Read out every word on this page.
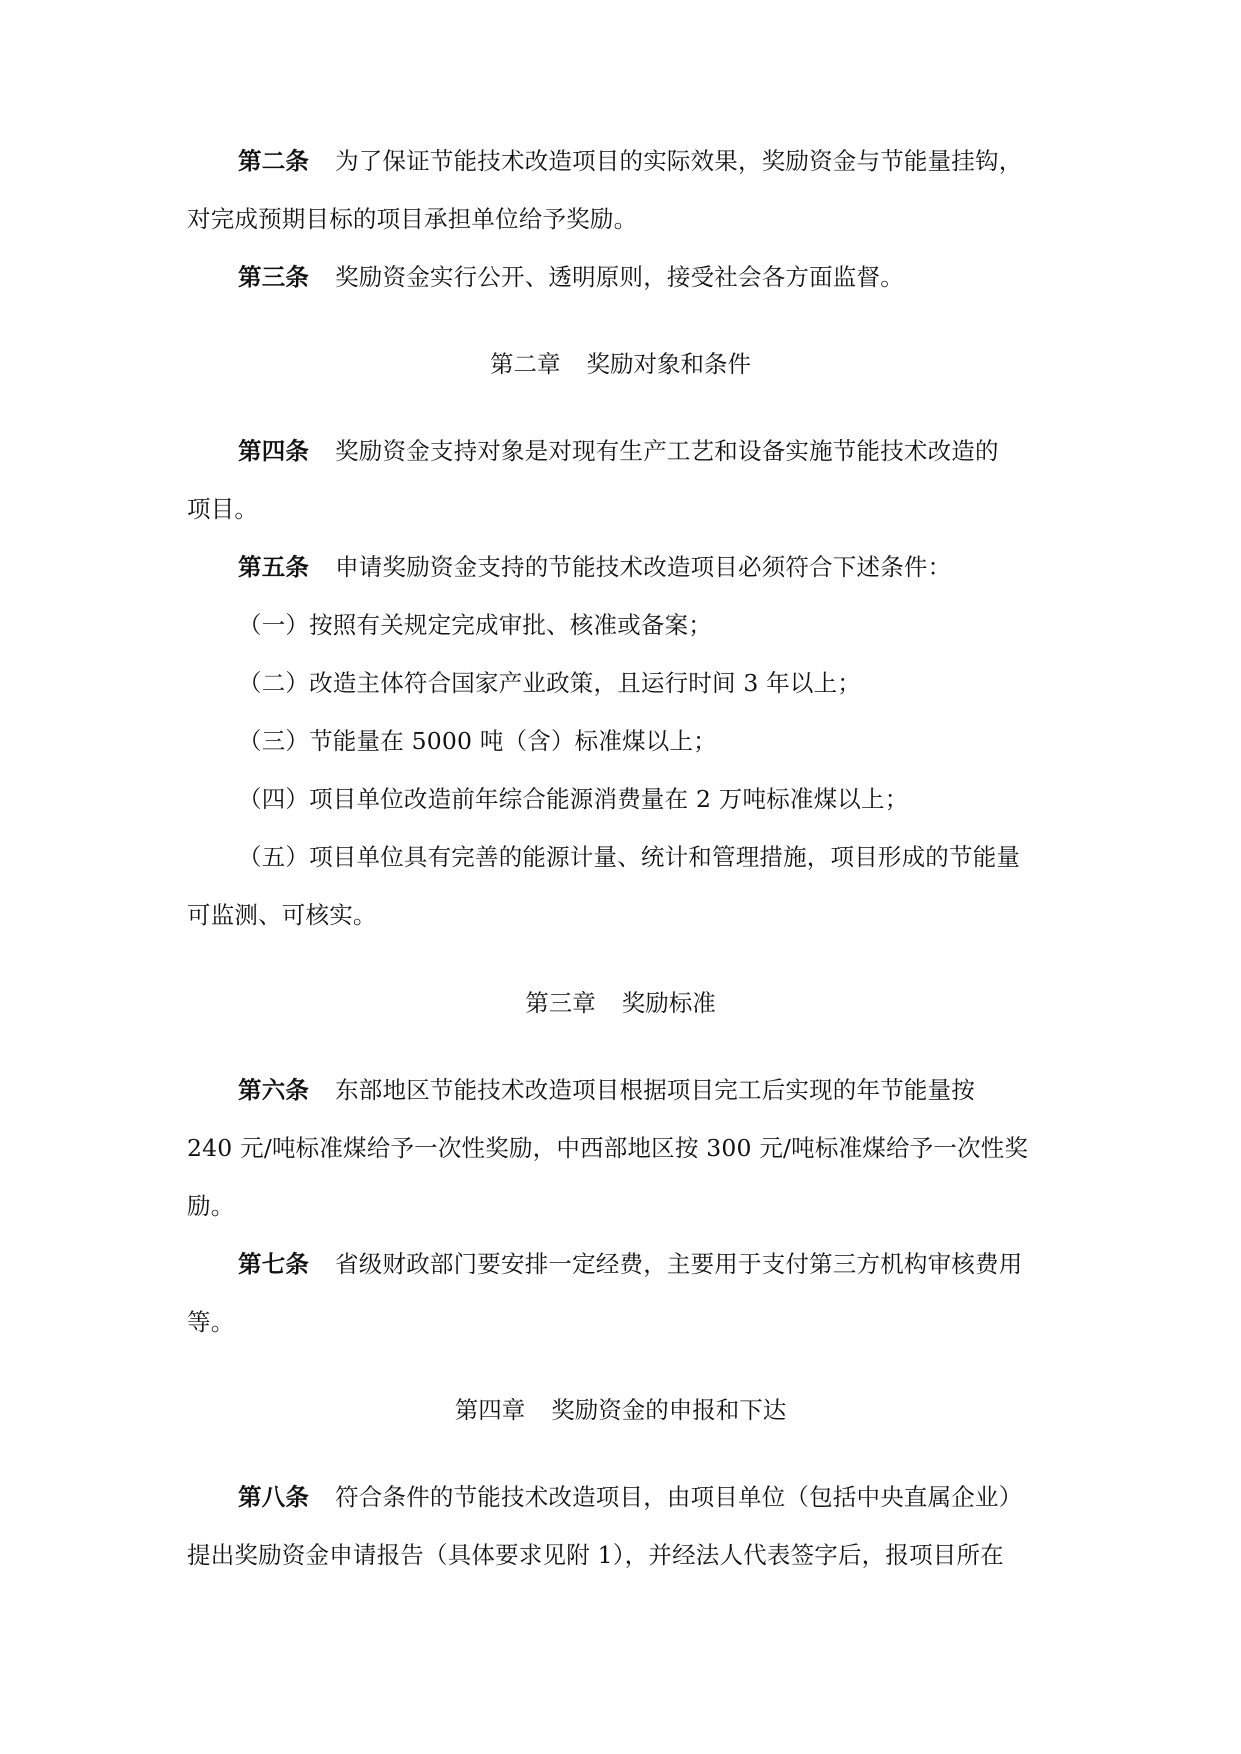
第二条 为了保证节能技术改造项目的实际效果，奖励资金与节能量挂钩，
对完成预期目标的项目承担单位给予奖励。
第三条 奖励资金实行公开、透明原则，接受社会各方面监督。
第二章 奖励对象和条件
第四条 奖励资金支持对象是对现有生产工艺和设备实施节能技术改造的
项目。
第五条 申请奖励资金支持的节能技术改造项目必须符合下述条件：
（一）按照有关规定完成审批、核准或备案；
（二）改造主体符合国家产业政策，且运行时间 3 年以上；
（三）节能量在 5000 吨（含）标准煤以上；
（四）项目单位改造前年综合能源消费量在 2 万吨标准煤以上；
（五）项目单位具有完善的能源计量、统计和管理措施，项目形成的节能量
可监测、可核实。
第三章 奖励标准
第六条 东部地区节能技术改造项目根据项目完工后实现的年节能量按
240 元/吨标准煤给予一次性奖励，中西部地区按 300 元/吨标准煤给予一次性奖
励。
第七条 省级财政部门要安排一定经费，主要用于支付第三方机构审核费用
等。
第四章 奖励资金的申报和下达
第八条 符合条件的节能技术改造项目，由项目单位（包括中央直属企业）
提出奖励资金申请报告（具体要求见附 1），并经法人代表签字后，报项目所在
